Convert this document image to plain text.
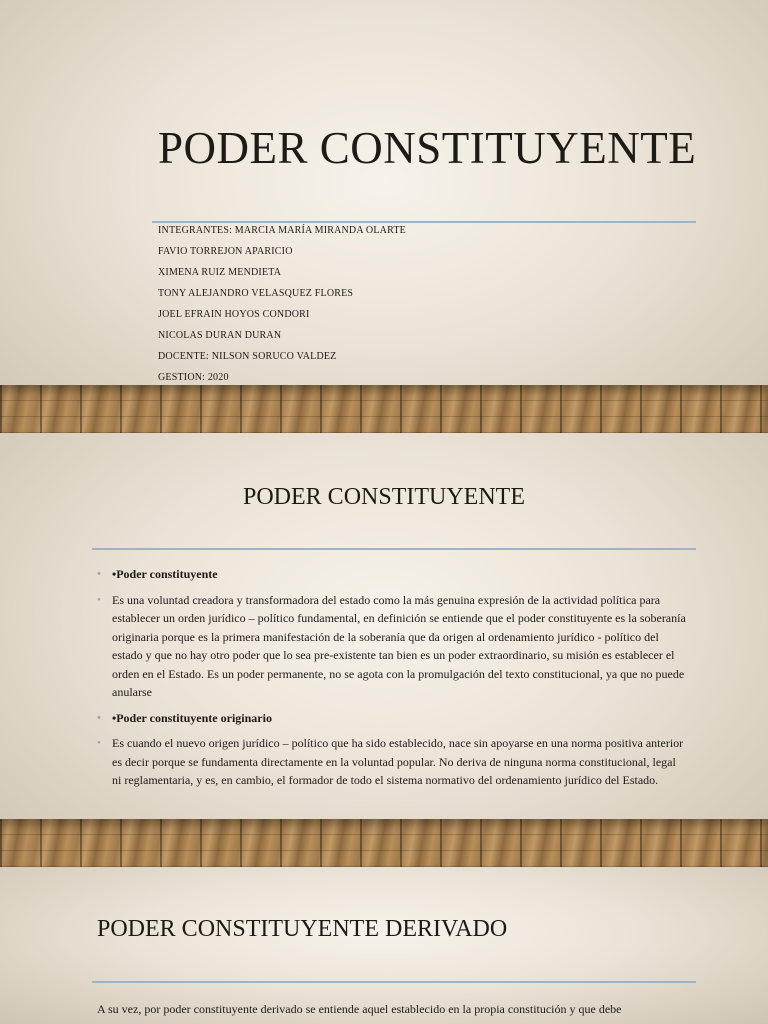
PODER CONSTITUYENTE
INTEGRANTES: MARCIA MARÍA MIRANDA OLARTE
FAVIO TORREJON APARICIO
XIMENA RUIZ MENDIETA
TONY ALEJANDRO VELASQUEZ FLORES
JOEL EFRAIN HOYOS CONDORI
NICOLAS DURAN DURAN
DOCENTE: NILSON SORUCO VALDEZ
GESTION: 2020
PODER CONSTITUYENTE
• •Poder constituyente
• Es una voluntad creadora y transformadora del estado como la más genuina expresión de la actividad política para establecer un orden jurídico – político fundamental, en definición se entiende que el poder constituyente es la soberanía originaria porque es la primera manifestación de la soberanía que da origen al ordenamiento jurídico - político del estado y que no hay otro poder que lo sea pre-existente tan bien es un poder extraordinario, su misión es establecer el orden en el Estado. Es un poder permanente, no se agota con la promulgación del texto constitucional, ya que no puede anularse
• •Poder constituyente originario
• Es cuando el nuevo origen jurídico – político que ha sido establecido, nace sin apoyarse en una norma positiva anterior es decir porque se fundamenta directamente en la voluntad popular. No deriva de ninguna norma constitucional, legal ni reglamentaria, y es, en cambio, el formador de todo el sistema normativo del ordenamiento jurídico del Estado.
PODER CONSTITUYENTE DERIVADO
A su vez, por poder constituyente derivado se entiende aquel establecido en la propia constitución y que debe
